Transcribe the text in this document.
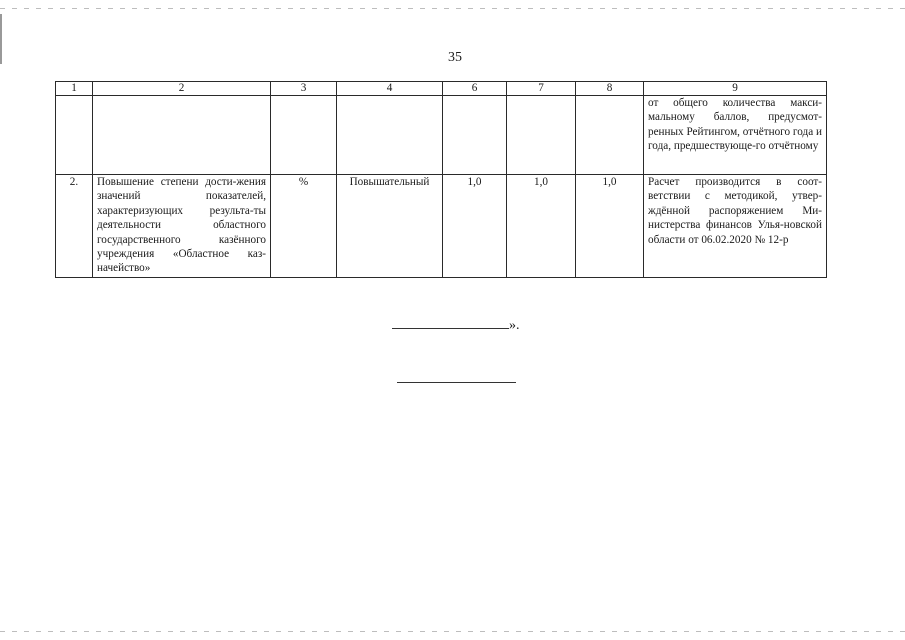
35
1	2	3	4	6	7	8	9
							от общего количества макси-мальному баллов, предусмот-ренных Рейтингом, отчётного года и года, предшествующе-го отчётному
2.	Повышение степени дости-жения значений показателей, характеризующих результа-ты деятельности областного государственного казённого учреждения «Областное каз-начейство»	%	Повышательный	1,0	1,0	1,0	Расчет производится в соот-ветствии с методикой, утвер-ждённой распоряжением Ми-нистерства финансов Улья-новской области от 06.02.2020 № 12-р
».
